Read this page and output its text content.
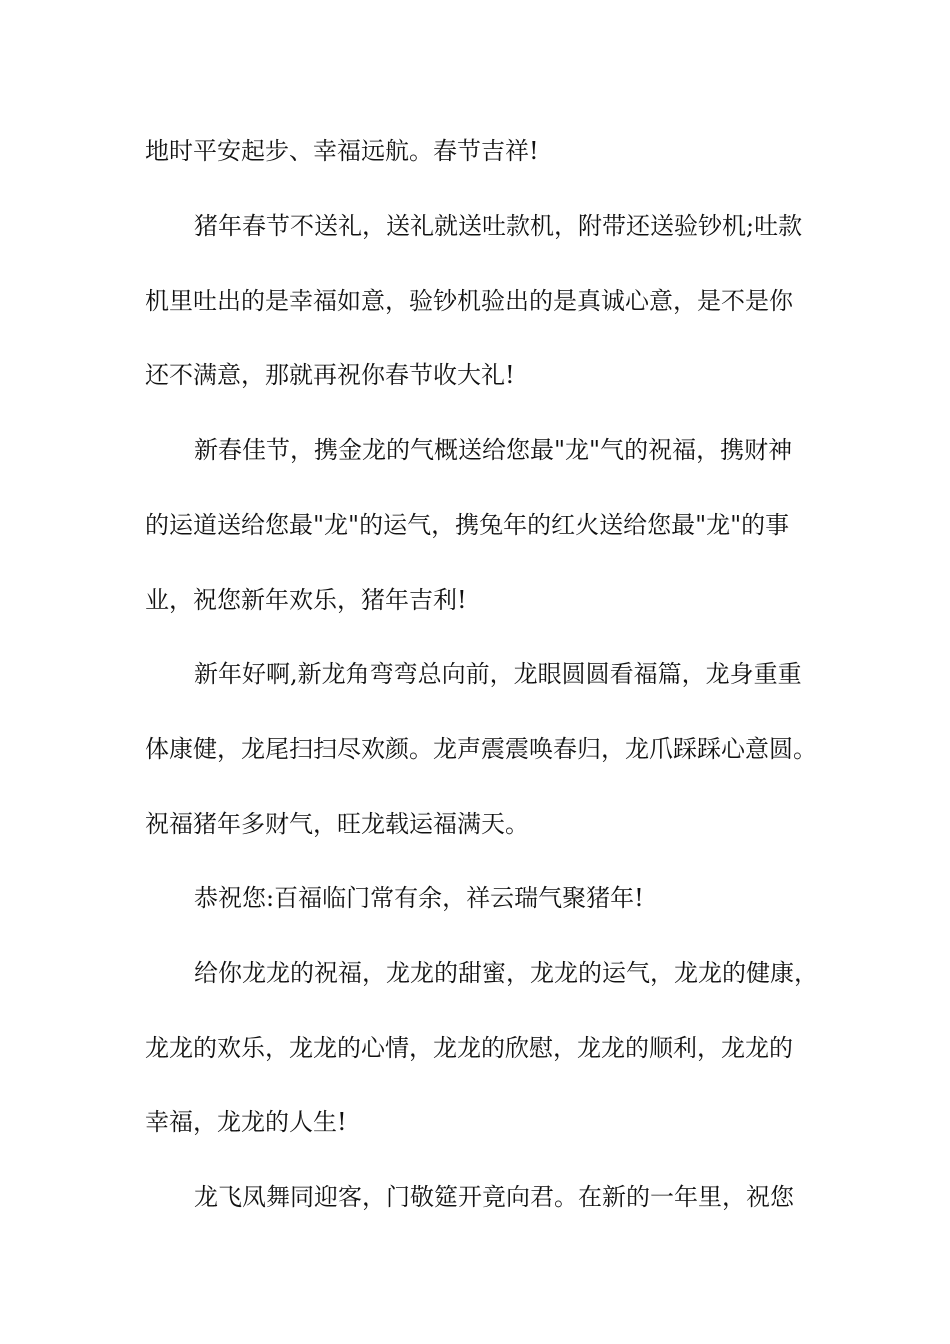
地时平安起步、幸福远航。春节吉祥!
猪年春节不送礼，送礼就送吐款机，附带还送验钞机;吐款
机里吐出的是幸福如意，验钞机验出的是真诚心意，是不是你
还不满意，那就再祝你春节收大礼!
新春佳节，携金龙的气概送给您最"龙"气的祝福，携财神
的运道送给您最"龙"的运气，携兔年的红火送给您最"龙"的事
业，祝您新年欢乐，猪年吉利!
新年好啊,新龙角弯弯总向前，龙眼圆圆看福篇，龙身重重
体康健，龙尾扫扫尽欢颜。龙声震震唤春归，龙爪踩踩心意圆。
祝福猪年多财气，旺龙载运福满天。
恭祝您:百福临门常有余，祥云瑞气聚猪年!
给你龙龙的祝福，龙龙的甜蜜，龙龙的运气，龙龙的健康，
龙龙的欢乐，龙龙的心情，龙龙的欣慰，龙龙的顺利，龙龙的
幸福，龙龙的人生!
龙飞凤舞同迎客，门敬筵开竟向君。在新的一年里，祝您
